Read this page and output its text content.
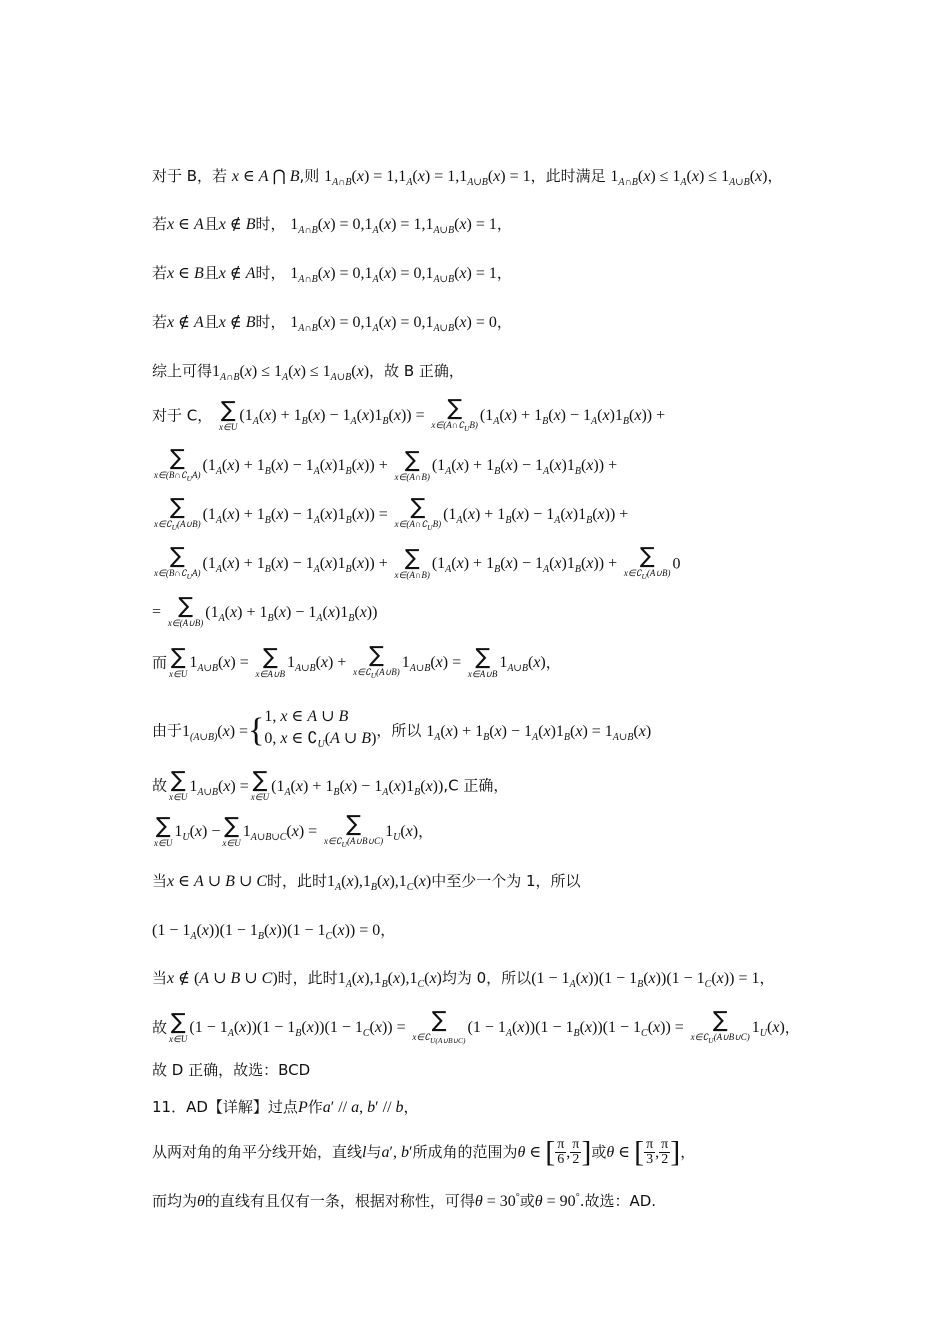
对于 B，若 x ∈ A ⋂ B,则 $1_{A\cap B}(x) = 1,1_A(x) = 1,1_{A\cup B}(x) = 1$，此时满足 $1_{A\cap B}(x) \le 1_A(x) \le 1_{A\cup B}(x)$，
若x ∈ A且x ∉ B时， $1_{A\cap B}(x) = 0,1_A(x) = 1,1_{A\cup B}(x) = 1$，
若x ∈ B且x ∉ A时， $1_{A\cap B}(x) = 0,1_A(x) = 0,1_{A\cup B}(x) = 1$，
若x ∉ A且x ∉ B时， $1_{A\cap B}(x) = 0,1_A(x) = 0,1_{A\cup B}(x) = 0$，
综上可得$1_{A\cap B}(x) \le 1_A(x) \le 1_{A\cup B}(x)$，故 B 正确，
对于 C， ∑
x∈U
$(1_A(x) + 1_B(x) - 1_A(x)1_B(x))$ =	∑
$x\in(A\cap∁_UB)$
$(1_A(x) + 1_B(x) - 1_A(x)1_B(x))$ +
∑
$x\in(B\cap∁_UA)$
$(1_A(x) + 1_B(x) - 1_A(x)1_B(x))$ + ∑
x∈(A∩B)
$(1_A(x) + 1_B(x) - 1_A(x)1_B(x))$ +
∑
$x\in∁_U(A\cup B)$
$(1_A(x) + 1_B(x) - 1_A(x)1_B(x))$ =	∑
$x\in(A\cap∁_UB)$
$(1_A(x) + 1_B(x) - 1_A(x)1_B(x))$ +
∑
$x\in(B\cap∁_UA)$
$(1_A(x) + 1_B(x) - 1_A(x)1_B(x))$ + ∑
x∈(A∩B)
$(1_A(x) + 1_B(x) - 1_A(x)1_B(x))$ +	∑
$x\in∁_U(A\cup B)$
0
= ∑
x∈(A∪B)
$(1_A(x) + 1_B(x) - 1_A(x)1_B(x))$
而 ∑
x∈U
$1_{A\cup B}(x)$ = ∑
x∈A∪B
$1_{A\cup B}(x)$ +	∑
$x\in∁_U(A\cup B)$
$1_{A\cup B}(x)$ = ∑
x∈A∪B
$1_{A\cup B}(x)$，
由于$1_{(A\cup B)}(x) =\{1$, x ∈ A ∪ B
0, x ∈ $∁_U(A$ ∪ B)，所以 $1_A(x) + 1_B(x) - 1_A(x)1_B(x) = 1_{A\cup B}(x)$
故 ∑
x∈U
$1_{A\cup B}(x)$ = ∑
x∈U
$(1_A(x) + 1_B(x) - 1_A(x)1_B(x)),C$ 正确，
∑
x∈U
$1_U(x)$ − ∑
x∈U
$1_{A\cup B\cup C}(x)$ =	∑
$x\in∁_U(A\cup B\cup C)$
$1_U(x)$，
当x ∈ A ∪ B ∪ C时，此时$1_A(x),1_B(x),1_C(x)$中至少一个为 1，所以
$(1 - 1_A(x))(1 - 1_B(x))(1 - 1_C(x)) = 0$，
当x ∉ (A ∪ B ∪ C)时，此时$1_A(x),1_B(x),1_C(x)$均为 0，所以$(1 - 1_A(x))(1 - 1_B(x))(1 - 1_C(x)) = 1$，
故 ∑
x∈U
$(1 - 1_A(x))(1 - 1_B(x))(1 - 1_C(x))$ =	∑
$x\in∁_{U(A\cup B\cup C)}$
$(1 - 1_A(x))(1 - 1_B(x))(1 - 1_C(x))$ =	∑
$x\in∁_U(A\cup B\cup C)$
$1_U(x)$，
故 D 正确，故选：BCD
11．AD【详解】过点P作a′ // a, b′ // b，
从两对角的角平分线开始，直线l与a′, b′所成角的范围为θ ∈ [ $\frac{\pi}{6}$ , $\frac{\pi}{2}$ ]或θ ∈ [ $\frac{\pi}{3}$ , $\frac{\pi}{2}$ ]，
而均为θ的直线有且仅有一条，根据对称性，可得θ = 30°或θ = 90°.故选：AD.
